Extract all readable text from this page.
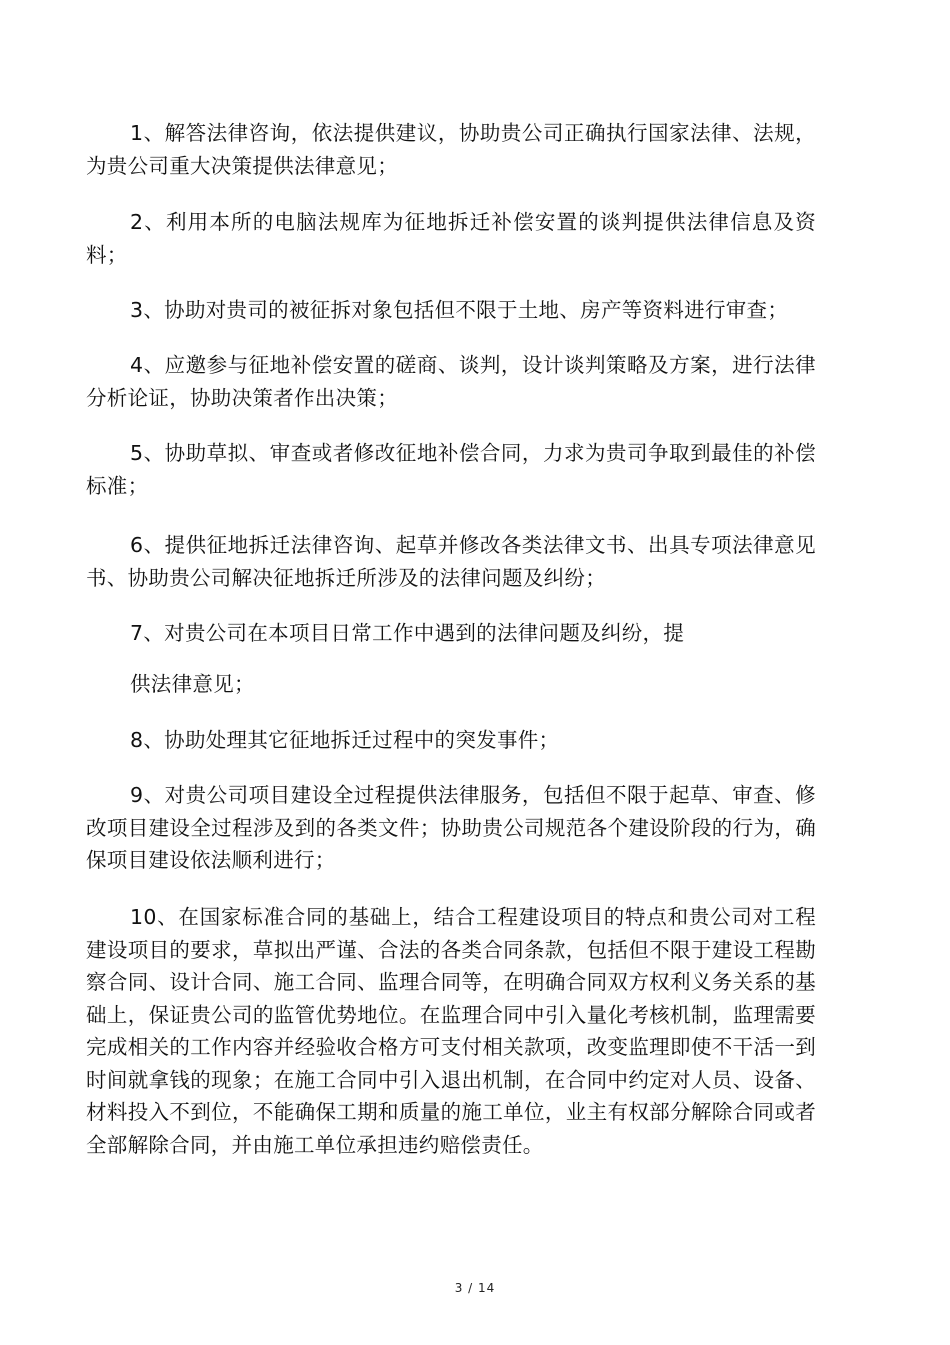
1、解答法律咨询，依法提供建议，协助贵公司正确执行国家法律、法规，为贵公司重大决策提供法律意见；

2、利用本所的电脑法规库为征地拆迁补偿安置的谈判提供法律信息及资料；

3、协助对贵司的被征拆对象包括但不限于土地、房产等资料进行审查；

4、应邀参与征地补偿安置的磋商、谈判，设计谈判策略及方案，进行法律分析论证，协助决策者作出决策；

5、协助草拟、审查或者修改征地补偿合同，力求为贵司争取到最佳的补偿标准；

6、提供征地拆迁法律咨询、起草并修改各类法律文书、出具专项法律意见书、协助贵公司解决征地拆迁所涉及的法律问题及纠纷；

7、对贵公司在本项目日常工作中遇到的法律问题及纠纷，提

供法律意见；

8、协助处理其它征地拆迁过程中的突发事件；

9、对贵公司项目建设全过程提供法律服务，包括但不限于起草、审查、修改项目建设全过程涉及到的各类文件；协助贵公司规范各个建设阶段的行为，确保项目建设依法顺利进行；

10、在国家标准合同的基础上，结合工程建设项目的特点和贵公司对工程建设项目的要求，草拟出严谨、合法的各类合同条款，包括但不限于建设工程勘察合同、设计合同、施工合同、监理合同等，在明确合同双方权利义务关系的基础上，保证贵公司的监管优势地位。在监理合同中引入量化考核机制，监理需要完成相关的工作内容并经验收合格方可支付相关款项，改变监理即使不干活一到时间就拿钱的现象；在施工合同中引入退出机制，在合同中约定对人员、设备、材料投入不到位，不能确保工期和质量的施工单位，业主有权部分解除合同或者全部解除合同，并由施工单位承担违约赔偿责任。

3 / 14
